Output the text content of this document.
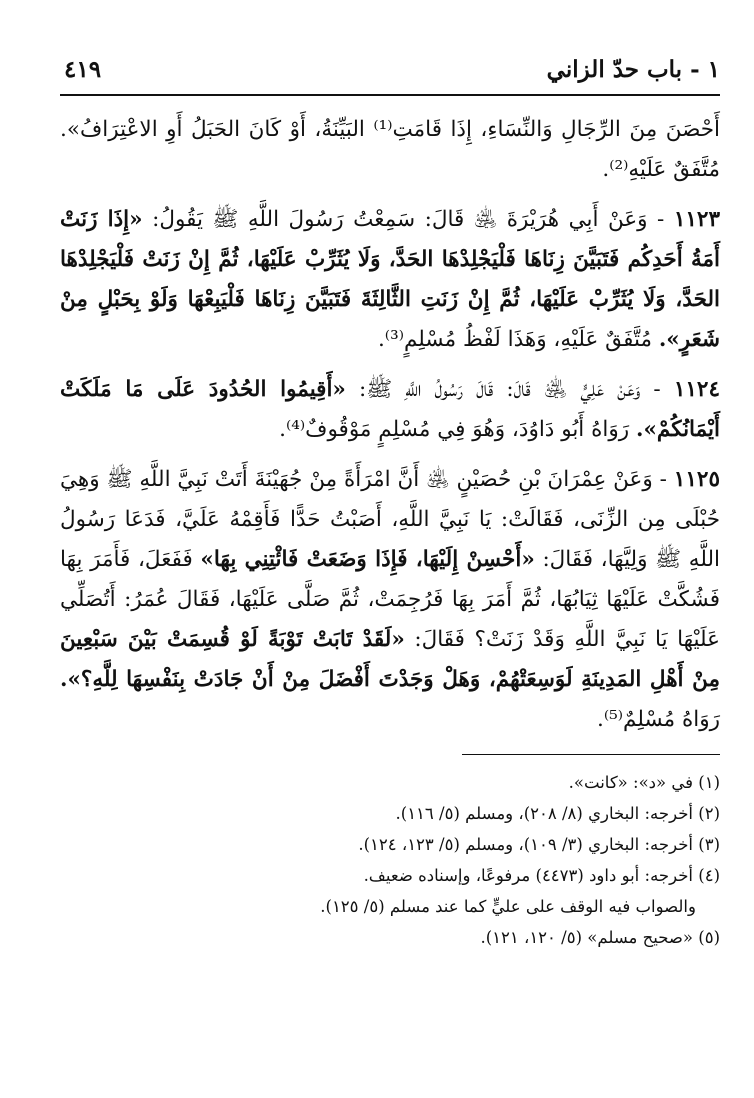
١ - باب حدّ الزاني
٤١٩

أَحْصَنَ مِنَ الرِّجَالِ وَالنِّسَاءِ، إِذَا قَامَتِ⁽¹⁾ البَيِّنَةُ، أَوْ كَانَ الحَبَلُ أَوِ الاعْتِرَافُ». مُتَّفَقٌ عَلَيْهِ⁽²⁾.

١١٢٣ - وَعَنْ أَبِي هُرَيْرَةَ ﵁ قَالَ: سَمِعْتُ رَسُولَ اللَّهِ ﷺ يَقُولُ: «إِذَا زَنَتْ أَمَةُ أَحَدِكُم فَتَبَيَّنَ زِنَاهَا فَلْيَجْلِدْهَا الحَدَّ، وَلَا يُثَرِّبْ عَلَيْهَا، ثُمَّ إِنْ زَنَتْ فَلْيَجْلِدْهَا الحَدَّ، وَلَا يُثَرِّبْ عَلَيْهَا، ثُمَّ إِنْ زَنَتِ الثَّالِثَةَ فَتَبَيَّنَ زِنَاهَا فَلْيَبِعْهَا وَلَوْ بِحَبْلٍ مِنْ شَعَرٍ». مُتَّفَقٌ عَلَيْهِ، وَهَذَا لَفْظُ مُسْلِمٍ⁽³⁾.

١١٢٤ - وَعَنْ عَلِيٍّ ﵁ قَالَ: قَالَ رَسُولُ اللَّهِ ﷺ: «أَقِيمُوا الحُدُودَ عَلَى مَا مَلَكَتْ أَيْمَانُكُمْ». رَوَاهُ أَبُو دَاوُدَ، وَهُوَ فِي مُسْلِمٍ مَوْقُوفٌ⁽⁴⁾.

١١٢٥ - وَعَنْ عِمْرَانَ بْنِ حُصَيْنٍ ﵁ أَنَّ امْرَأَةً مِنْ جُهَيْنَةَ أَتَتْ نَبِيَّ اللَّهِ ﷺ وَهِيَ حُبْلَى مِن الزِّنَى، فَقَالَتْ: يَا نَبِيَّ اللَّهِ، أَصَبْتُ حَدًّا فَأَقِمْهُ عَلَيَّ، فَدَعَا رَسُولُ اللَّهِ ﷺ وَلِيَّهَا، فَقَالَ: «أَحْسِنْ إِلَيْهَا، فَإِذَا وَضَعَتْ فَائْتِنِي بِهَا» فَفَعَلَ، فَأَمَرَ بِهَا فَشُكَّتْ عَلَيْهَا ثِيَابُهَا، ثُمَّ أَمَرَ بِهَا فَرُجِمَتْ، ثُمَّ صَلَّى عَلَيْهَا، فَقَالَ عُمَرُ: أَتُصَلِّي عَلَيْهَا يَا نَبِيَّ اللَّهِ وَقَدْ زَنَتْ؟ فَقَالَ: «لَقَدْ تَابَتْ تَوْبَةً لَوْ قُسِمَتْ بَيْنَ سَبْعِينَ مِنْ أَهْلِ المَدِينَةِ لَوَسِعَتْهُمْ، وَهَلْ وَجَدْتَ أَفْضَلَ مِنْ أَنْ جَادَتْ بِنَفْسِهَا لِلَّهِ؟». رَوَاهُ مُسْلِمٌ⁽⁵⁾.

(١) في «د»: «كانت».

(٢) أخرجه: البخاري (٨/ ٢٠٨)، ومسلم (٥/ ١١٦).

(٣) أخرجه: البخاري (٣/ ١٠٩)، ومسلم (٥/ ١٢٣، ١٢٤).

(٤) أخرجه: أبو داود (٤٤٧٣) مرفوعًا، وإسناده ضعيف.

والصواب فيه الوقف على عليٍّ كما عند مسلم (٥/ ١٢٥).

(٥) «صحيح مسلم» (٥/ ١٢٠، ١٢١).
